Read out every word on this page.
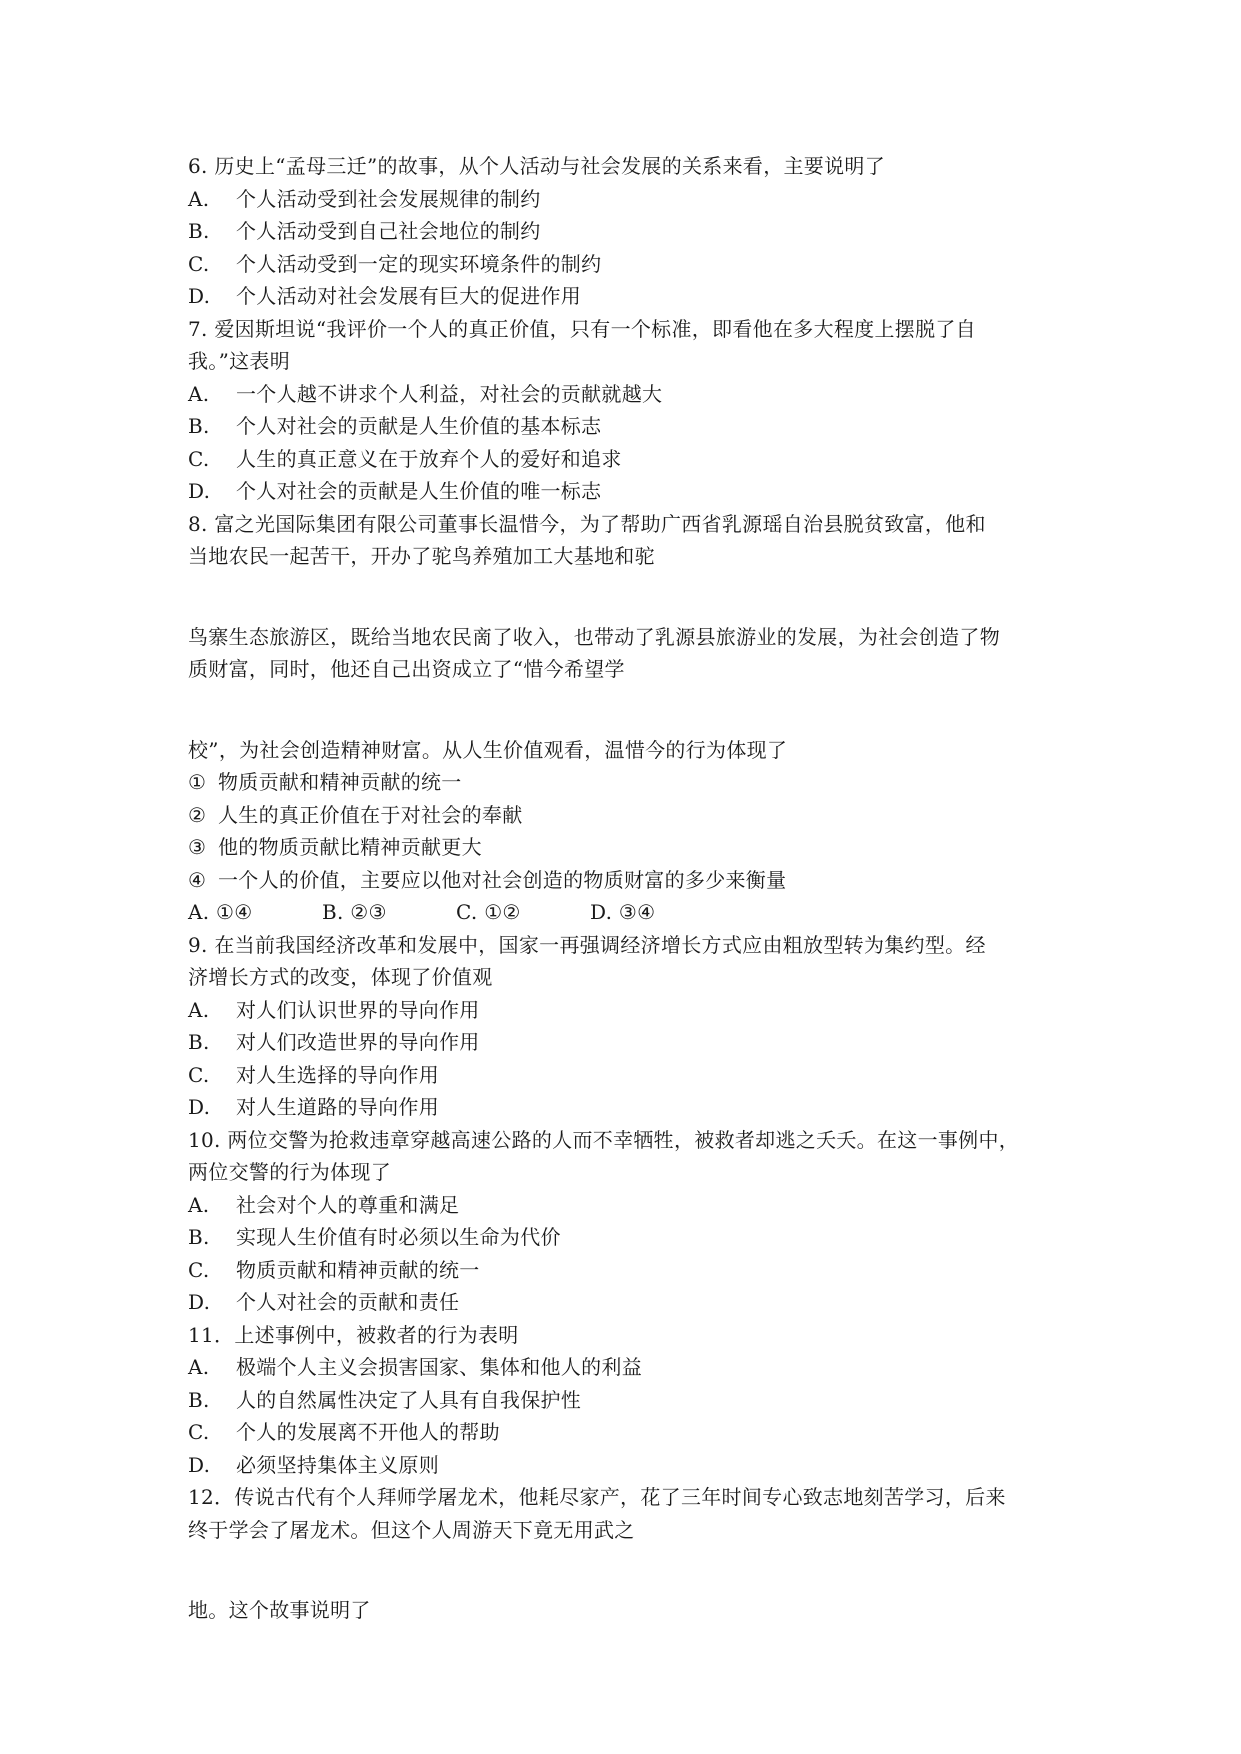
6. 历史上“孟母三迁”的故事，从个人活动与社会发展的关系来看，主要说明了
A. 个人活动受到社会发展规律的制约
B. 个人活动受到自己社会地位的制约
C. 个人活动受到一定的现实环境条件的制约
D. 个人活动对社会发展有巨大的促进作用
7. 爱因斯坦说“我评价一个人的真正价值，只有一个标准，即看他在多大程度上摆脱了自
我。”这表明
A. 一个人越不讲求个人利益，对社会的贡献就越大
B. 个人对社会的贡献是人生价值的基本标志
C. 人生的真正意义在于放弃个人的爱好和追求
D. 个人对社会的贡献是人生价值的唯一标志
8. 富之光国际集团有限公司董事长温惜今，为了帮助广西省乳源瑶自治县脱贫致富，他和
当地农民一起苦干，开办了驼鸟养殖加工大基地和驼
鸟寨生态旅游区，既给当地农民啇了收入，也带动了乳源县旅游业的发展，为社会创造了物
质财富，同时，他还自己出资成立了“惜今希望学
校”，为社会创造精神财富。从人生价值观看，温惜今的行为体现了
① 物质贡献和精神贡献的统一
② 人生的真正价值在于对社会的奉献
③ 他的物质贡献比精神贡献更大
④ 一个人的价值，主要应以他对社会创造的物质财富的多少来衡量
A. ①④	B. ②③	C. ①②	D. ③④
9. 在当前我国经济改革和发展中，国家一再强调经济增长方式应由粗放型转为集约型。经
济增长方式的改变，体现了价值观
A. 对人们认识世界的导向作用
B. 对人们改造世界的导向作用
C. 对人生选择的导向作用
D. 对人生道路的导向作用
10. 两位交警为抢救违章穿越高速公路的人而不幸牺牲，被救者却逃之夭夭。在这一事例中，
两位交警的行为体现了
A. 社会对个人的尊重和满足
B. 实现人生价值有时必须以生命为代价
C. 物质贡献和精神贡献的统一
D. 个人对社会的贡献和责任
11．上述事例中，被救者的行为表明
A. 极端个人主义会损害国家、集体和他人的利益
B. 人的自然属性决定了人具有自我保护性
C. 个人的发展离不开他人的帮助
D. 必须坚持集体主义原则
12．传说古代有个人拜师学屠龙术，他耗尽家产，花了三年时间专心致志地刻苦学习，后来
终于学会了屠龙术。但这个人周游天下竟无用武之
地。这个故事说明了
